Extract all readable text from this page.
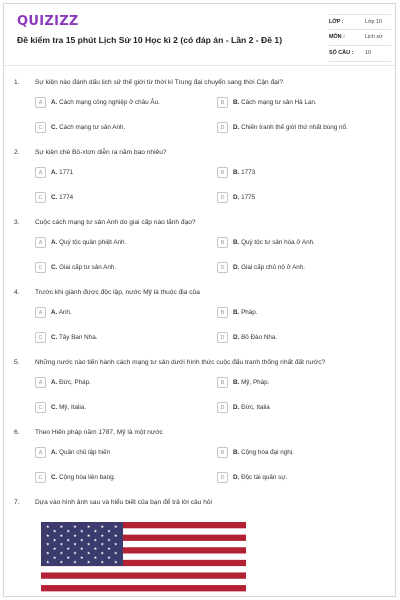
QUIZIZZ
Đề kiểm tra 15 phút Lịch Sử 10 Học kì 2 (có đáp án - Lần 2 - Đề 1)
LỚP :	Lớp 10
MÔN :	Lịch sử
SỐ CÂU : 10
1. Sự kiện nào đánh dấu lịch sử thế giới từ thời kì Trung đại chuyển sang thời Cận đại?
A	A. Cách mạng công nghiệp ở châu Âu.	B	B. Cách mạng tư sản Hà Lan.
C	C. Cách mạng tư sản Anh.	D	D. Chiến tranh thế giới thứ nhất bùng nổ.
2. Sự kiện chè Bô-xtơn diễn ra năm bao nhiêu?
A	A. 1771	B	B. 1773
C	C. 1774	D	D. 1775
3. Cuộc cách mạng tư sản Anh do giai cấp nào lãnh đạo?
A	A. Quý tộc quân phiệt Anh.	B	B. Quý tộc tư sản hóa ở Anh.
C	C. Giai cấp tư sản Anh.	D	D. Giai cấp chủ nô ở Anh.
4. Trước khi giành được độc lập, nước Mỹ là thuộc địa của
A	A. Anh.	B	B. Pháp.
C	C. Tây Ban Nha.	D	D. Bồ Đào Nha.
5. Những nước nào tiến hành cách mạng tư sản dưới hình thức cuộc đấu tranh thống nhất đất nước?
A	A. Đức, Pháp.	B	B. Mỹ, Pháp.
C	C. Mỹ, Italia.	D	D. Đức, Italia
6. Theo Hiến pháp năm 1787, Mỹ là một nước
A	A. Quân chủ lập hiến	B	B. Cộng hòa đại nghị.
C	C. Cộng hòa liên bang.	D	D. Độc tài quân sự.
7. Dựa vào hình ảnh sau và hiểu biết của bạn để trả lời câu hỏi
★ ★ ★ ★ ★ ★
★ ★ ★ ★ ★
★ ★ ★ ★ ★ ★
★ ★ ★ ★ ★
★ ★ ★ ★ ★ ★
★ ★ ★ ★ ★
★ ★ ★ ★ ★ ★
★ ★ ★ ★ ★
★ ★ ★ ★ ★ ★
